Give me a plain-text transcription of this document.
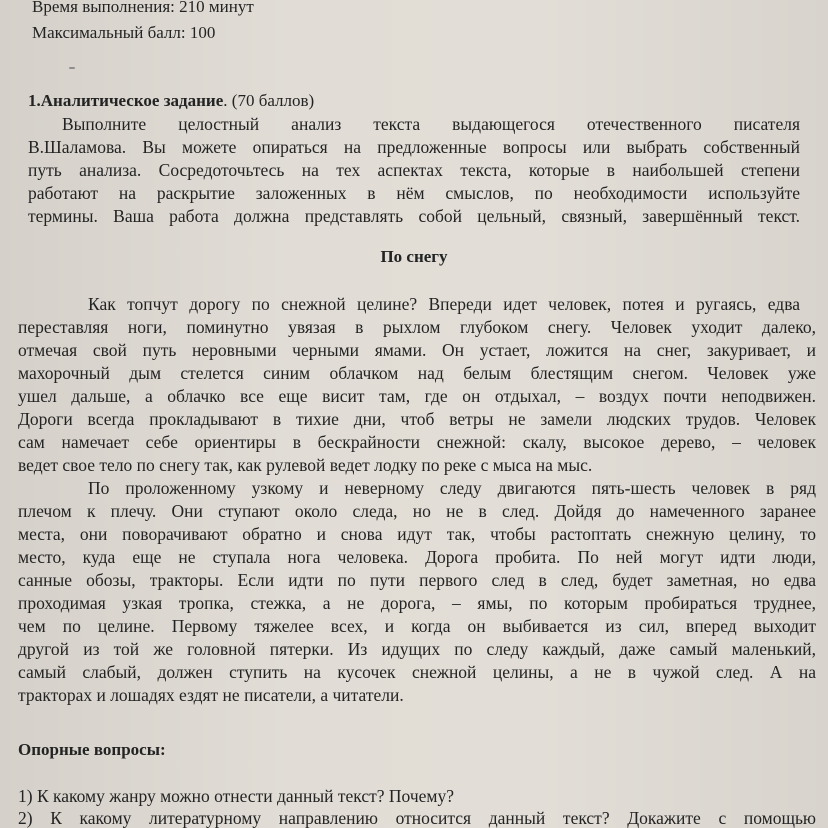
Время выполнения: 210 минут
Максимальный балл: 100
1.Аналитическое задание. (70 баллов)
Выполните целостный анализ текста выдающегося отечественного писателя
В.Шаламова. Вы можете опираться на предложенные вопросы или выбрать собственный
путь анализа. Сосредоточьтесь на тех аспектах текста, которые в наибольшей степени
работают на раскрытие заложенных в нём смыслов, по необходимости используйте
термины. Ваша работа должна представлять собой цельный, связный, завершённый текст.
По снегу
Как топчут дорогу по снежной целине? Впереди идет человек, потея и ругаясь, едва
переставляя ноги, поминутно увязая в рыхлом глубоком снегу. Человек уходит далеко,
отмечая свой путь неровными черными ямами. Он устает, ложится на снег, закуривает, и
махорочный дым стелется синим облачком над белым блестящим снегом. Человек уже
ушел дальше, а облачко все еще висит там, где он отдыхал, – воздух почти неподвижен.
Дороги всегда прокладывают в тихие дни, чтоб ветры не замели людских трудов. Человек
сам намечает себе ориентиры в бескрайности снежной: скалу, высокое дерево, – человек
ведет свое тело по снегу так, как рулевой ведет лодку по реке с мыса на мыс.
По проложенному узкому и неверному следу двигаются пять-шесть человек в ряд
плечом к плечу. Они ступают около следа, но не в след. Дойдя до намеченного заранее
места, они поворачивают обратно и снова идут так, чтобы растоптать снежную целину, то
место, куда еще не ступала нога человека. Дорога пробита. По ней могут идти люди,
санные обозы, тракторы. Если идти по пути первого след в след, будет заметная, но едва
проходимая узкая тропка, стежка, а не дорога, – ямы, по которым пробираться труднее,
чем по целине. Первому тяжелее всех, и когда он выбивается из сил, вперед выходит
другой из той же головной пятерки. Из идущих по следу каждый, даже самый маленький,
самый слабый, должен ступить на кусочек снежной целины, а не в чужой след. А на
тракторах и лошадях ездят не писатели, а читатели.
Опорные вопросы:
1) К какому жанру можно отнести данный текст? Почему?
2) К какому литературному направлению относится данный текст? Докажите с помощью
